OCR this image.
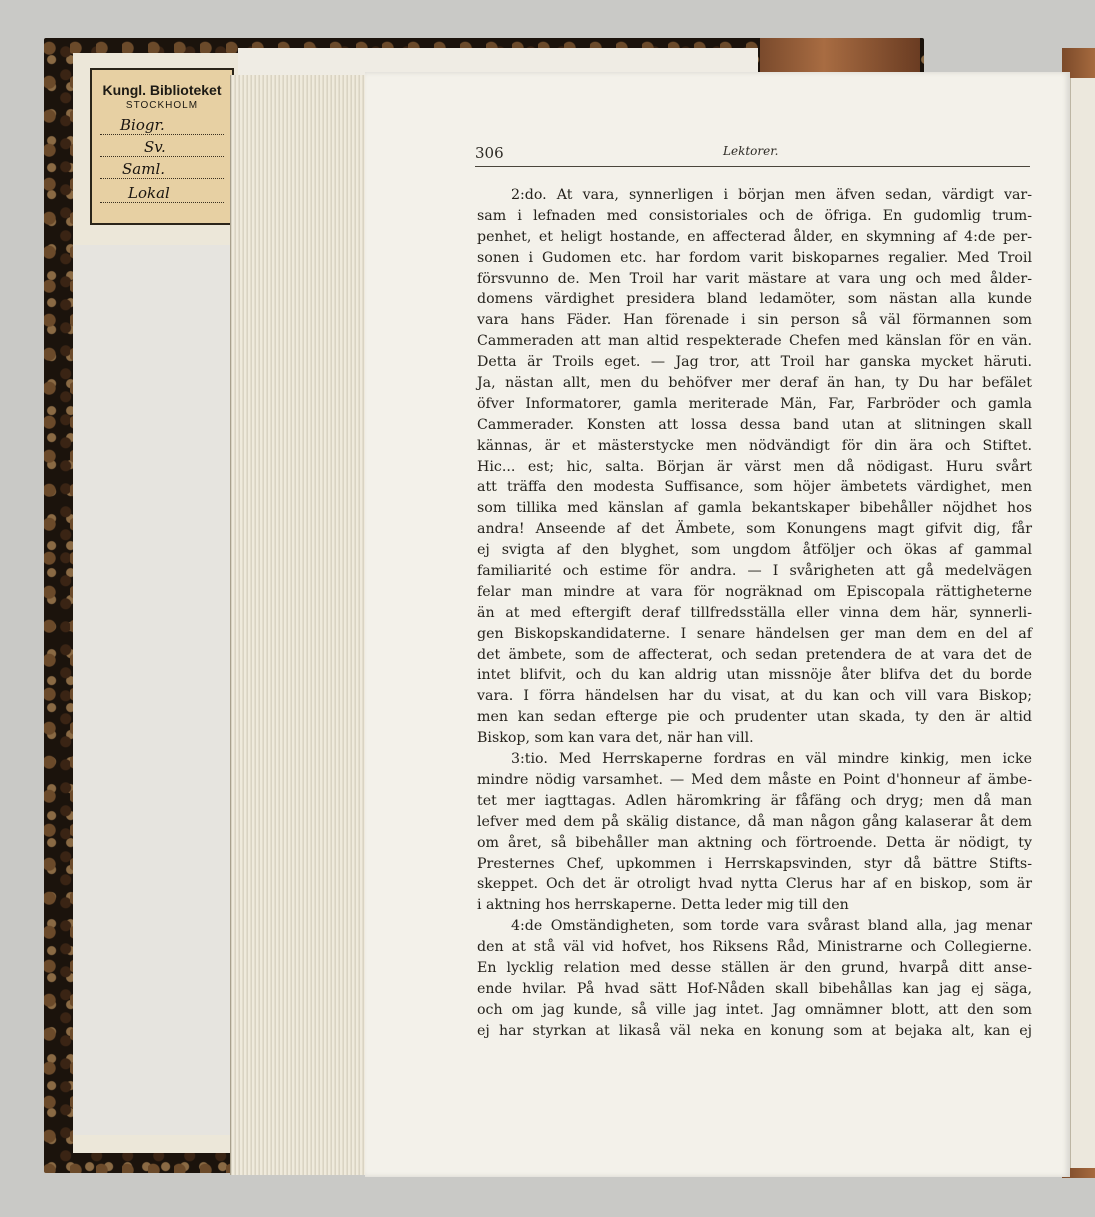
Kungl. Biblioteket
STOCKHOLM
Biogr.
Sv.
Saml.
Lokal
306	Lektorer.
2:do. At vara, synnerligen i början men äfven sedan, värdigt var-
sam i lefnaden med consistoriales och de öfriga. En gudomlig trum-
penhet, et heligt hostande, en affecterad ålder, en skymning af 4:de per-
sonen i Gudomen etc. har fordom varit biskoparnes regalier. Med Troil
försvunno de. Men Troil har varit mästare at vara ung och med ålder-
domens värdighet presidera bland ledamöter, som nästan alla kunde
vara hans Fäder. Han förenade i sin person så väl förmannen som
Cammeraden att man altid respekterade Chefen med känslan för en vän.
Detta är Troils eget. — Jag tror, att Troil har ganska mycket häruti.
Ja, nästan allt, men du behöfver mer deraf än han, ty Du har befälet
öfver Informatorer, gamla meriterade Män, Far, Farbröder och gamla
Cammerader. Konsten att lossa dessa band utan at slitningen skall
kännas, är et mästerstycke men nödvändigt för din ära och Stiftet.
Hic... est; hic, salta. Början är värst men då nödigast. Huru svårt
att träffa den modesta Suffisance, som höjer ämbetets värdighet, men
som tillika med känslan af gamla bekantskaper bibehåller nöjdhet hos
andra! Anseende af det Ämbete, som Konungens magt gifvit dig, får
ej svigta af den blyghet, som ungdom åtföljer och ökas af gammal
familiarité och estime för andra. — I svårigheten att gå medelvägen
felar man mindre at vara för nogräknad om Episcopala rättigheterne
än at med eftergift deraf tillfredsställa eller vinna dem här, synnerli-
gen Biskopskandidaterne. I senare händelsen ger man dem en del af
det ämbete, som de affecterat, och sedan pretendera de at vara det de
intet blifvit, och du kan aldrig utan missnöje åter blifva det du borde
vara. I förra händelsen har du visat, at du kan och vill vara Biskop;
men kan sedan efterge pie och prudenter utan skada, ty den är altid
Biskop, som kan vara det, när han vill.
3:tio. Med Herrskaperne fordras en väl mindre kinkig, men icke
mindre nödig varsamhet. — Med dem måste en Point d'honneur af ämbe-
tet mer iagttagas. Adlen häromkring är fåfäng och dryg; men då man
lefver med dem på skälig distance, då man någon gång kalaserar åt dem
om året, så bibehåller man aktning och förtroende. Detta är nödigt, ty
Presternes Chef, upkommen i Herrskapsvinden, styr då bättre Stifts-
skeppet. Och det är otroligt hvad nytta Clerus har af en biskop, som är
i aktning hos herrskaperne. Detta leder mig till den
4:de Omständigheten, som torde vara svårast bland alla, jag menar
den at stå väl vid hofvet, hos Riksens Råd, Ministrarne och Collegierne.
En lycklig relation med desse ställen är den grund, hvarpå ditt anse-
ende hvilar. På hvad sätt Hof-Nåden skall bibehållas kan jag ej säga,
och om jag kunde, så ville jag intet. Jag omnämner blott, att den som
ej har styrkan at likaså väl neka en konung som at bejaka alt, kan ej
